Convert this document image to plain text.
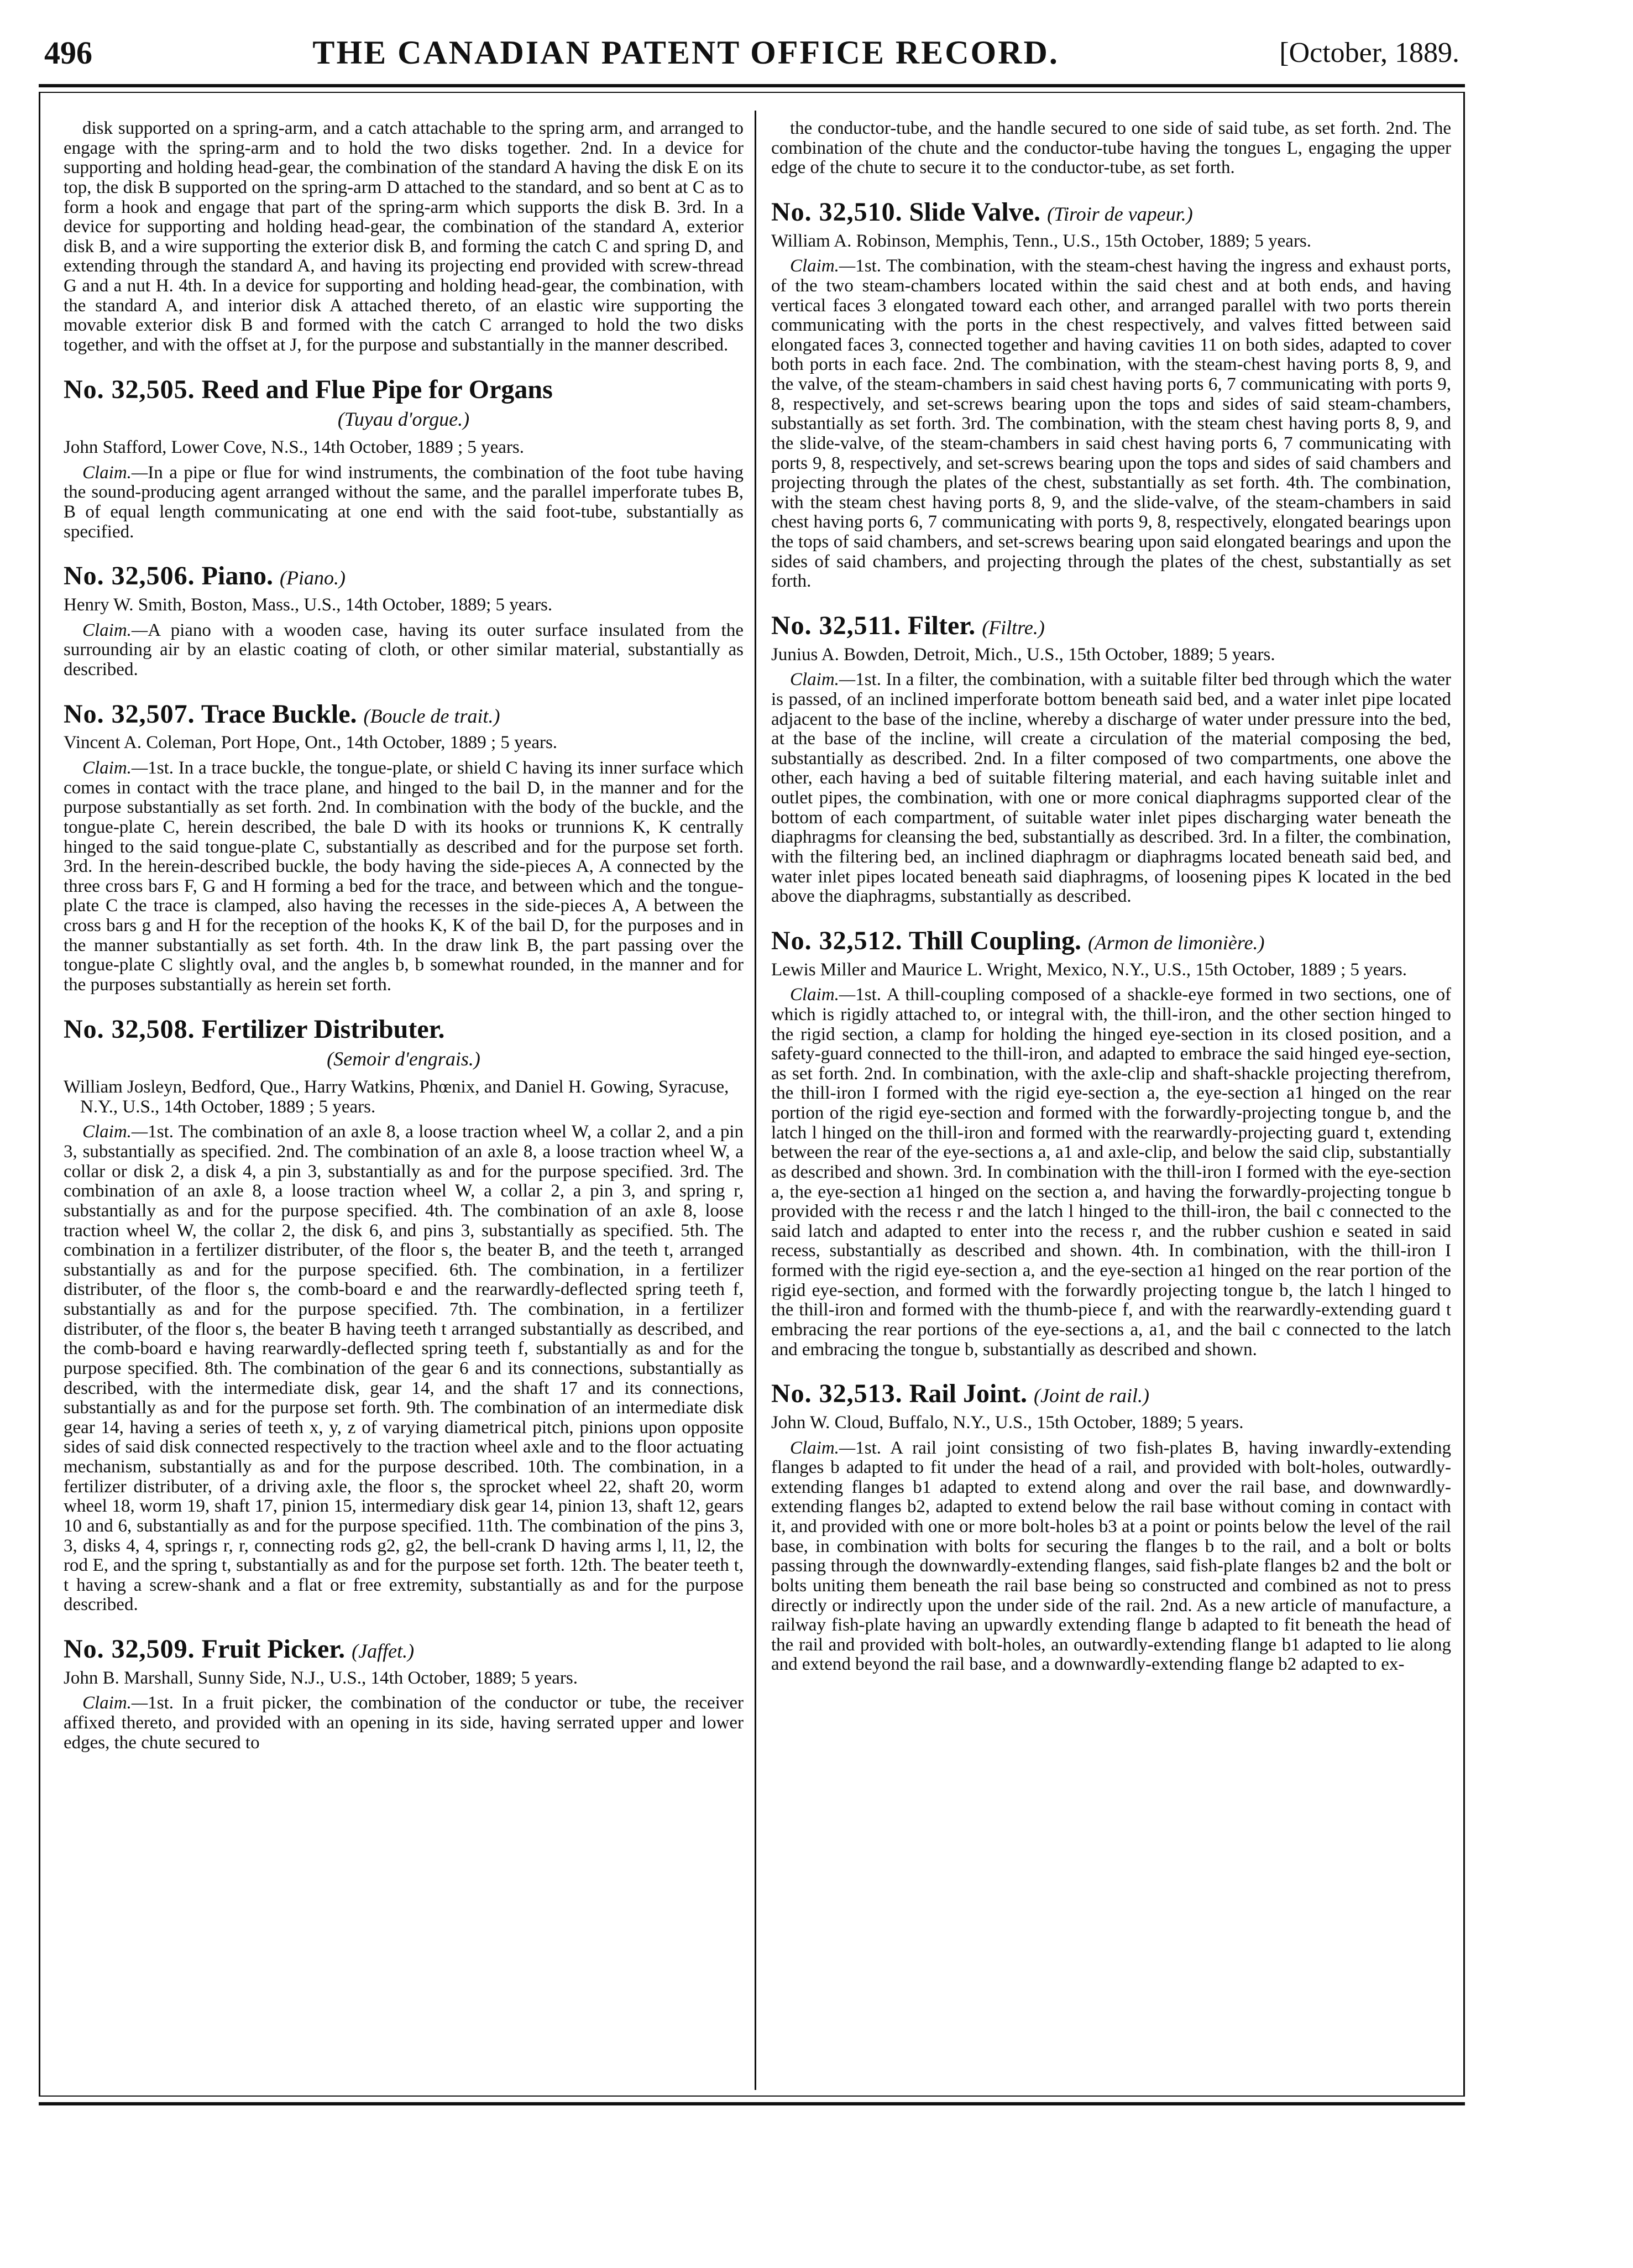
496	THE CANADIAN PATENT OFFICE RECORD.	[October, 1889.

disk supported on a spring-arm, and a catch attachable to the spring arm, and arranged to engage with the spring-arm and to hold the two disks together. 2nd. In a device for supporting and holding head-gear, the combination of the standard A having the disk E on its top, the disk B supported on the spring-arm D attached to the standard, and so bent at C as to form a hook and engage that part of the spring-arm which supports the disk B. 3rd. In a device for supporting and holding head-gear, the combination of the standard A, exterior disk B, and a wire supporting the exterior disk B, and forming the catch C and spring D, and extending through the standard A, and having its projecting end provided with screw-thread G and a nut H. 4th. In a device for supporting and holding head-gear, the combination, with the standard A, and interior disk A attached thereto, of an elastic wire supporting the movable exterior disk B and formed with the catch C arranged to hold the two disks together, and with the offset at J, for the purpose and substantially in the manner described.

No. 32,505. Reed and Flue Pipe for Organs
(Tuyau d'orgue.)

John Stafford, Lower Cove, N.S., 14th October, 1889 ; 5 years.

Claim.—In a pipe or flue for wind instruments, the combination of the foot tube having the sound-producing agent arranged without the same, and the parallel imperforate tubes B, B of equal length communicating at one end with the said foot-tube, substantially as specified.

No. 32,506. Piano. (Piano.)

Henry W. Smith, Boston, Mass., U.S., 14th October, 1889; 5 years.

Claim.—A piano with a wooden case, having its outer surface insulated from the surrounding air by an elastic coating of cloth, or other similar material, substantially as described.

No. 32,507. Trace Buckle. (Boucle de trait.)

Vincent A. Coleman, Port Hope, Ont., 14th October, 1889 ; 5 years.

Claim.—1st. In a trace buckle, the tongue-plate, or shield C having its inner surface which comes in contact with the trace plane, and hinged to the bail D, in the manner and for the purpose substantially as set forth. 2nd. In combination with the body of the buckle, and the tongue-plate C, herein described, the bale D with its hooks or trunnions K, K centrally hinged to the said tongue-plate C, substantially as described and for the purpose set forth. 3rd. In the herein-described buckle, the body having the side-pieces A, A connected by the three cross bars F, G and H forming a bed for the trace, and between which and the tongue-plate C the trace is clamped, also having the recesses in the side-pieces A, A between the cross bars g and H for the reception of the hooks K, K of the bail D, for the purposes and in the manner substantially as set forth. 4th. In the draw link B, the part passing over the tongue-plate C slightly oval, and the angles b, b somewhat rounded, in the manner and for the purposes substantially as herein set forth.

No. 32,508. Fertilizer Distributer.
(Semoir d'engrais.)

William Josleyn, Bedford, Que., Harry Watkins, Phœnix, and Daniel H. Gowing, Syracuse, N.Y., U.S., 14th October, 1889 ; 5 years.

Claim.—1st. The combination of an axle 8, a loose traction wheel W, a collar 2, and a pin 3, substantially as specified. 2nd. The combination of an axle 8, a loose traction wheel W, a collar or disk 2, a disk 4, a pin 3, substantially as and for the purpose specified. 3rd. The combination of an axle 8, a loose traction wheel W, a collar 2, a pin 3, and spring r, substantially as and for the purpose specified. 4th. The combination of an axle 8, loose traction wheel W, the collar 2, the disk 6, and pins 3, substantially as specified. 5th. The combination in a fertilizer distributer, of the floor s, the beater B, and the teeth t, arranged substantially as and for the purpose specified. 6th. The combination, in a fertilizer distributer, of the floor s, the comb-board e and the rearwardly-deflected spring teeth f, substantially as and for the purpose specified. 7th. The combination, in a fertilizer distributer, of the floor s, the beater B having teeth t arranged substantially as described, and the comb-board e having rearwardly-deflected spring teeth f, substantially as and for the purpose specified. 8th. The combination of the gear 6 and its connections, substantially as described, with the intermediate disk, gear 14, and the shaft 17 and its connections, substantially as and for the purpose set forth. 9th. The combination of an intermediate disk gear 14, having a series of teeth x, y, z of varying diametrical pitch, pinions upon opposite sides of said disk connected respectively to the traction wheel axle and to the floor actuating mechanism, substantially as and for the purpose described. 10th. The combination, in a fertilizer distributer, of a driving axle, the floor s, the sprocket wheel 22, shaft 20, worm wheel 18, worm 19, shaft 17, pinion 15, intermediary disk gear 14, pinion 13, shaft 12, gears 10 and 6, substantially as and for the purpose specified. 11th. The combination of the pins 3, 3, disks 4, 4, springs r, r, connecting rods g2, g2, the bell-crank D having arms l, l1, l2, the rod E, and the spring t, substantially as and for the purpose set forth. 12th. The beater teeth t, t having a screw-shank and a flat or free extremity, substantially as and for the purpose described.

No. 32,509. Fruit Picker. (Jaffet.)

John B. Marshall, Sunny Side, N.J., U.S., 14th October, 1889; 5 years.

Claim.—1st. In a fruit picker, the combination of the conductor or tube, the receiver affixed thereto, and provided with an opening in its side, having serrated upper and lower edges, the chute secured to

the conductor-tube, and the handle secured to one side of said tube, as set forth. 2nd. The combination of the chute and the conductor-tube having the tongues L, engaging the upper edge of the chute to secure it to the conductor-tube, as set forth.

No. 32,510. Slide Valve. (Tiroir de vapeur.)

William A. Robinson, Memphis, Tenn., U.S., 15th October, 1889; 5 years.

Claim.—1st. The combination, with the steam-chest having the ingress and exhaust ports, of the two steam-chambers located within the said chest and at both ends, and having vertical faces 3 elongated toward each other, and arranged parallel with two ports therein communicating with the ports in the chest respectively, and valves fitted between said elongated faces 3, connected together and having cavities 11 on both sides, adapted to cover both ports in each face. 2nd. The combination, with the steam-chest having ports 8, 9, and the valve, of the steam-chambers in said chest having ports 6, 7 communicating with ports 9, 8, respectively, and set-screws bearing upon the tops and sides of said steam-chambers, substantially as set forth. 3rd. The combination, with the steam chest having ports 8, 9, and the slide-valve, of the steam-chambers in said chest having ports 6, 7 communicating with ports 9, 8, respectively, and set-screws bearing upon the tops and sides of said chambers and projecting through the plates of the chest, substantially as set forth. 4th. The combination, with the steam chest having ports 8, 9, and the slide-valve, of the steam-chambers in said chest having ports 6, 7 communicating with ports 9, 8, respectively, elongated bearings upon the tops of said chambers, and set-screws bearing upon said elongated bearings and upon the sides of said chambers, and projecting through the plates of the chest, substantially as set forth.

No. 32,511. Filter. (Filtre.)

Junius A. Bowden, Detroit, Mich., U.S., 15th October, 1889; 5 years.

Claim.—1st. In a filter, the combination, with a suitable filter bed through which the water is passed, of an inclined imperforate bottom beneath said bed, and a water inlet pipe located adjacent to the base of the incline, whereby a discharge of water under pressure into the bed, at the base of the incline, will create a circulation of the material composing the bed, substantially as described. 2nd. In a filter composed of two compartments, one above the other, each having a bed of suitable filtering material, and each having suitable inlet and outlet pipes, the combination, with one or more conical diaphragms supported clear of the bottom of each compartment, of suitable water inlet pipes discharging water beneath the diaphragms for cleansing the bed, substantially as described. 3rd. In a filter, the combination, with the filtering bed, an inclined diaphragm or diaphragms located beneath said bed, and water inlet pipes located beneath said diaphragms, of loosening pipes K located in the bed above the diaphragms, substantially as described.

No. 32,512. Thill Coupling. (Armon de limonière.)

Lewis Miller and Maurice L. Wright, Mexico, N.Y., U.S., 15th October, 1889 ; 5 years.

Claim.—1st. A thill-coupling composed of a shackle-eye formed in two sections, one of which is rigidly attached to, or integral with, the thill-iron, and the other section hinged to the rigid section, a clamp for holding the hinged eye-section in its closed position, and a safety-guard connected to the thill-iron, and adapted to embrace the said hinged eye-section, as set forth. 2nd. In combination, with the axle-clip and shaft-shackle projecting therefrom, the thill-iron I formed with the rigid eye-section a, the eye-section a1 hinged on the rear portion of the rigid eye-section and formed with the forwardly-projecting tongue b, and the latch l hinged on the thill-iron and formed with the rearwardly-projecting guard t, extending between the rear of the eye-sections a, a1 and axle-clip, and below the said clip, substantially as described and shown. 3rd. In combination with the thill-iron I formed with the eye-section a, the eye-section a1 hinged on the section a, and having the forwardly-projecting tongue b provided with the recess r and the latch l hinged to the thill-iron, the bail c connected to the said latch and adapted to enter into the recess r, and the rubber cushion e seated in said recess, substantially as described and shown. 4th. In combination, with the thill-iron I formed with the rigid eye-section a, and the eye-section a1 hinged on the rear portion of the rigid eye-section, and formed with the forwardly projecting tongue b, the latch l hinged to the thill-iron and formed with the thumb-piece f, and with the rearwardly-extending guard t embracing the rear portions of the eye-sections a, a1, and the bail c connected to the latch and embracing the tongue b, substantially as described and shown.

No. 32,513. Rail Joint. (Joint de rail.)

John W. Cloud, Buffalo, N.Y., U.S., 15th October, 1889; 5 years.

Claim.—1st. A rail joint consisting of two fish-plates B, having inwardly-extending flanges b adapted to fit under the head of a rail, and provided with bolt-holes, outwardly-extending flanges b1 adapted to extend along and over the rail base, and downwardly-extending flanges b2, adapted to extend below the rail base without coming in contact with it, and provided with one or more bolt-holes b3 at a point or points below the level of the rail base, in combination with bolts for securing the flanges b to the rail, and a bolt or bolts passing through the downwardly-extending flanges, said fish-plate flanges b2 and the bolt or bolts uniting them beneath the rail base being so constructed and combined as not to press directly or indirectly upon the under side of the rail. 2nd. As a new article of manufacture, a railway fish-plate having an upwardly extending flange b adapted to fit beneath the head of the rail and provided with bolt-holes, an outwardly-extending flange b1 adapted to lie along and extend beyond the rail base, and a downwardly-extending flange b2 adapted to ex-
